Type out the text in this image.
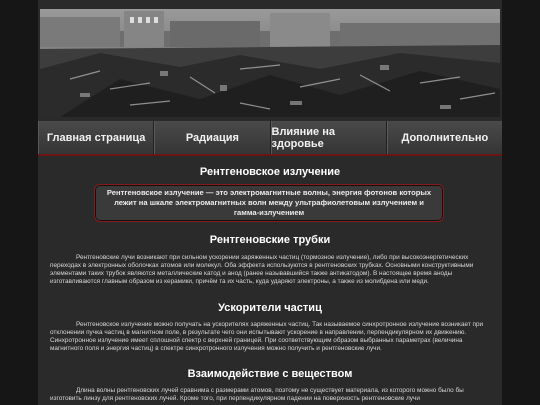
Главная страница	Радиация	Влияние на здоровье	Дополнительно
Рентгеновское излучение
Рентгеновское излучение — это электромагнитные волны, энергия фотонов которых лежит на шкале электромагнитных волн между ультрафиолетовым излучением и гамма-излучением
Рентгеновские трубки

Рентгеновские лучи возникают при сильном ускорении заряженных частиц (тормозное излучение), либо при высокоэнергетических переходах в электронных оболочках атомов или молекул. Оба эффекта используются в рентгеновских трубках. Основными конструктивными элементами таких трубок являются металлические катод и анод (ранее называвшийся также антикатодом). В настоящее время аноды изготавливаются главным образом из керамики, причём та их часть, куда ударяют электроны, а также из молибдена или меди.

Ускорители частиц

Рентгеновское излучение можно получать на ускорителях заряженных частиц. Так называемое синхротронное излучение возникает при отклонении пучка частиц в магнитном поле, в результате чего они испытывают ускорение в направлении, перпендикулярном их движению. Синхротронное излучение имеет сплошной спектр с верхней границей. При соответствующим образом выбранных параметрах (величина магнитного поля и энергия частиц) в спектре синхротронного излучения можно получить и рентгеновские лучи.

Взаимодействие с веществом

Длина волны рентгеновских лучей сравнима с размерами атомов, поэтому не существует материала, из которого можно было бы изготовить линзу для рентгеновских лучей. Кроме того, при перпендикулярном падении на поверхность рентгеновские лучи
